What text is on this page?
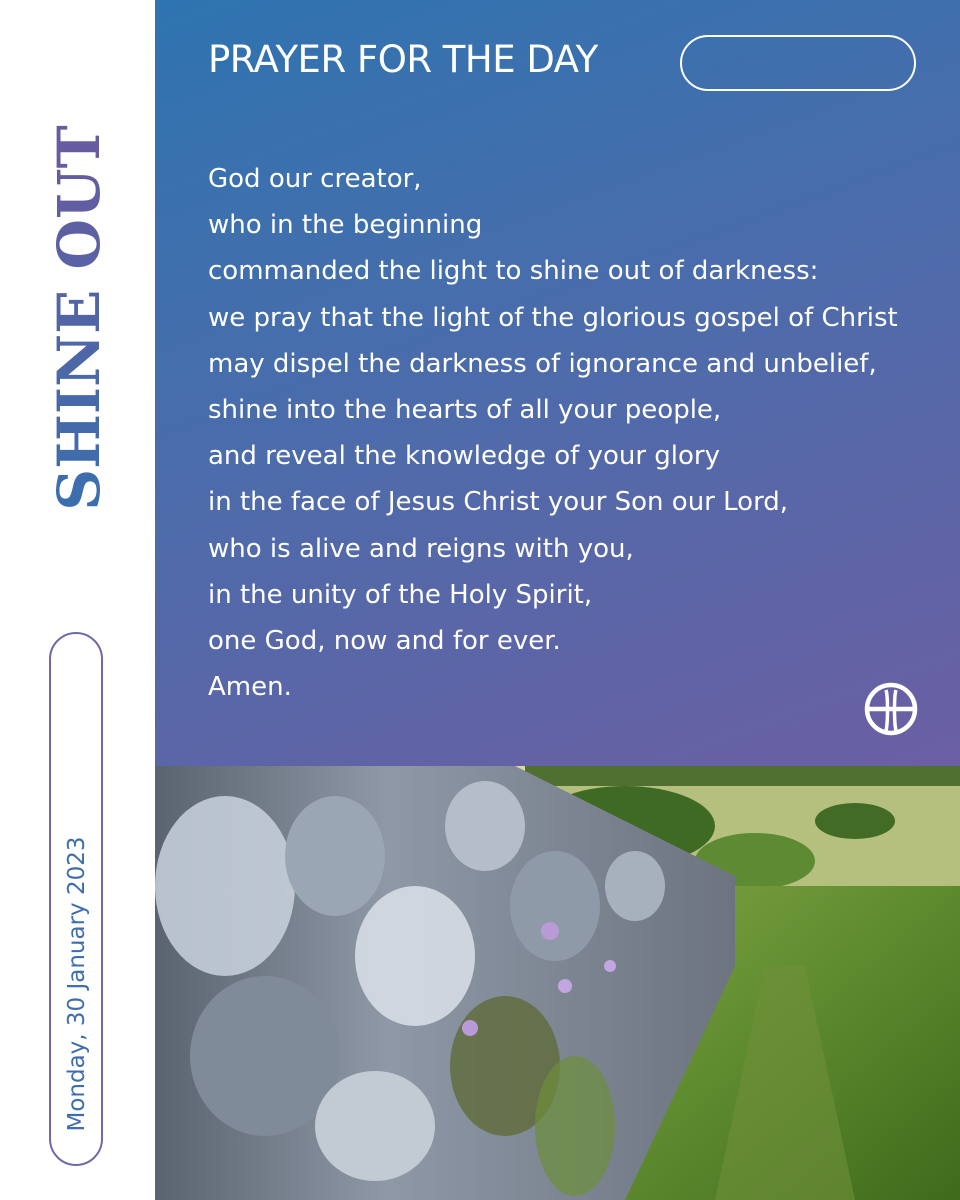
SHINE OUT
Monday, 30 January 2023
PRAYER FOR THE DAY
God our creator,
who in the beginning
commanded the light to shine out of darkness:
we pray that the light of the glorious gospel of Christ
may dispel the darkness of ignorance and unbelief,
shine into the hearts of all your people,
and reveal the knowledge of your glory
in the face of Jesus Christ your Son our Lord,
who is alive and reigns with you,
in the unity of the Holy Spirit,
one God, now and for ever.
Amen.
